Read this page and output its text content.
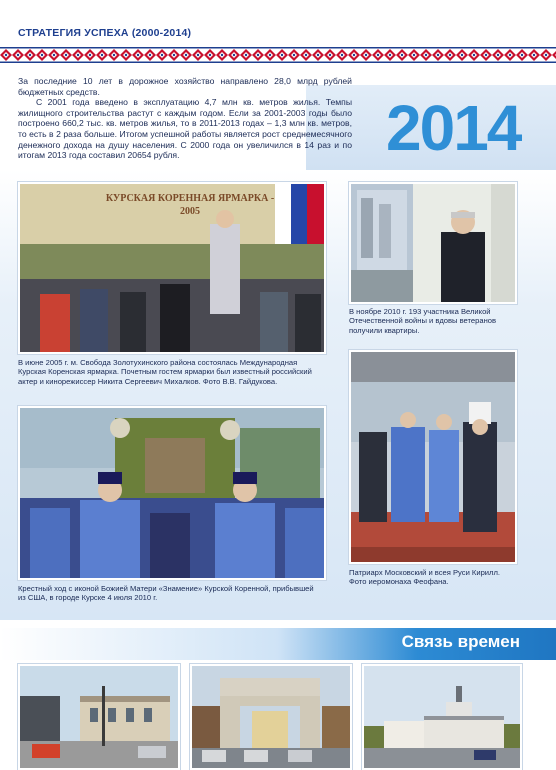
СТРАТЕГИЯ УСПЕХА (2000-2014)
2014

За последние 10 лет в дорожное хозяйство направлено 28,0 млрд рублей бюджетных средств.

С 2001 года введено в эксплуатацию 4,7 млн кв. метров жилья. Темпы жилищного строительства растут с каждым годом. Если за 2001-2003 годы было построено 660,2 тыс. кв. метров жилья, то в 2011-2013 годах – 1,3 млн кв. метров, то есть в 2 раза больше. Итогом успешной работы является рост среднемесячного денежного дохода на душу населения. С 2000 года он увеличился в 14 раз и по итогам 2013 года составил 20654 рубля.

КУРСКАЯ КОРЕННАЯ ЯРМАРКА - 2005
В июне 2005 г. м. Свобода Золотухинского района состоялась Международная Курская Коренская ярмарка. Почетным гостем ярмарки был известный российский актер и кинорежиссер Никита Сергеевич Михалков. Фото В.В. Гайдукова.
В ноябре 2010 г. 193 участника Великой Отечественной войны и вдовы ветеранов получили квартиры.
Крестный ход с иконой Божией Матери «Знамение» Курской Коренной, прибывшей из США, в городе Курске 4 июля 2010 г.
Патриарх Московский и всея Руси Кирилл. Фото иеромонаха Феофана.
Связь времен
